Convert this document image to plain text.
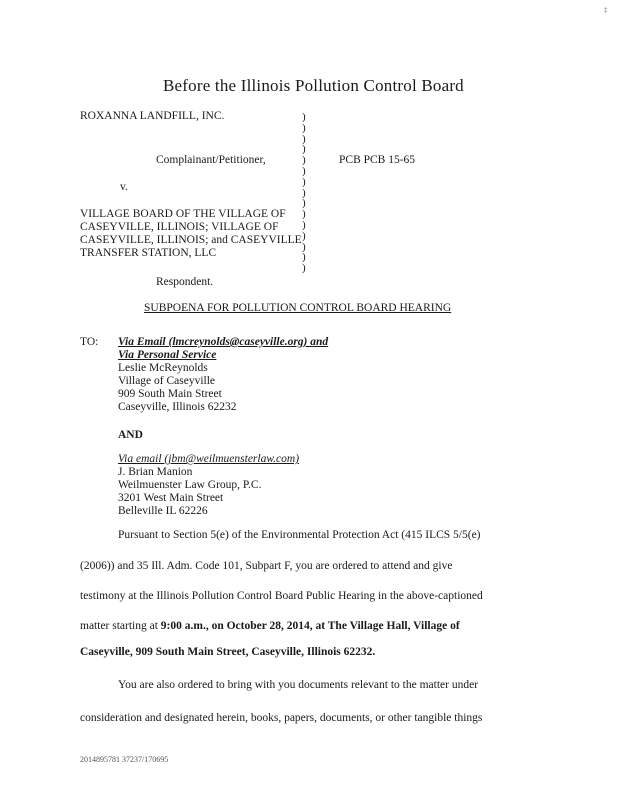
‡
Before the Illinois Pollution Control Board
ROXANNA LANDFILL, INC.
Complainant/Petitioner,	PCB PCB 15-65
v.
VILLAGE BOARD OF THE VILLAGE OF
CASEYVILLE, ILLINOIS; VILLAGE OF
CASEYVILLE, ILLINOIS; and CASEYVILLE
TRANSFER STATION, LLC
Respondent.
)
)
)
)
)
)
)
)
)
)
)
)
)
)
)
SUBPOENA FOR POLLUTION CONTROL BOARD HEARING
TO: Via Email (lmcreynolds@caseyville.org) and
Via Personal Service
Leslie McReynolds
Village of Caseyville
909 South Main Street
Caseyville, Illinois 62232
AND
Via email (jbm@weilmuensterlaw.com)
J. Brian Manion
Weilmuenster Law Group, P.C.
3201 West Main Street
Belleville IL 62226
Pursuant to Section 5(e) of the Environmental Protection Act (415 ILCS 5/5(e)
(2006)) and 35 Ill. Adm. Code 101, Subpart F, you are ordered to attend and give
testimony at the Illinois Pollution Control Board Public Hearing in the above-captioned
matter starting at 9:00 a.m., on October 28, 2014, at The Village Hall, Village of
Caseyville, 909 South Main Street, Caseyville, Illinois 62232.
You are also ordered to bring with you documents relevant to the matter under
consideration and designated herein, books, papers, documents, or other tangible things
2014895781 37237/170695
